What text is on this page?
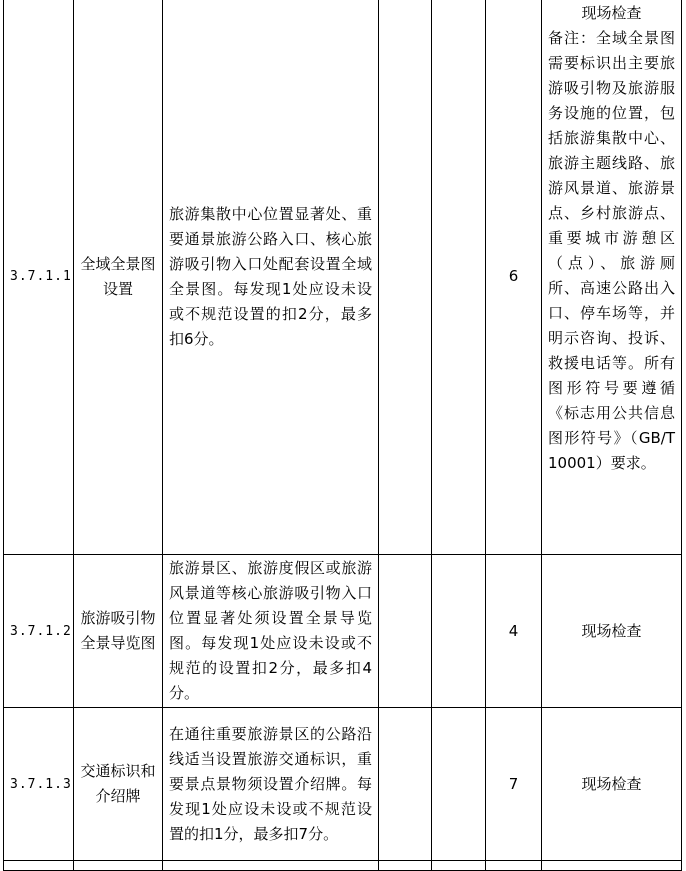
3.7.1.1	全域全景图设置	旅游集散中心位置显著处、重要通景旅游公路入口、核心旅游吸引物入口处配套设置全域全景图。每发现1处应设未设或不规范设置的扣2分，最多扣6分。			6	现场检查
备注：全域全景图需要标识出主要旅游吸引物及旅游服务设施的位置，包括旅游集散中心、旅游主题线路、旅游风景道、旅游景点、乡村旅游点、重要城市游憩区（点）、旅游厕所、高速公路出入口、停车场等，并明示咨询、投诉、救援电话等。所有图形符号要遵循《标志用公共信息图形符号》（GB/T 10001）要求。
3.7.1.2	旅游吸引物全景导览图	旅游景区、旅游度假区或旅游风景道等核心旅游吸引物入口位置显著处须设置全景导览图。每发现1处应设未设或不规范的设置扣2分，最多扣4分。			4	现场检查
3.7.1.3	交通标识和介绍牌	在通往重要旅游景区的公路沿线适当设置旅游交通标识，重要景点景物须设置介绍牌。每发现1处应设未设或不规范设置的扣1分，最多扣7分。			7	现场检查
